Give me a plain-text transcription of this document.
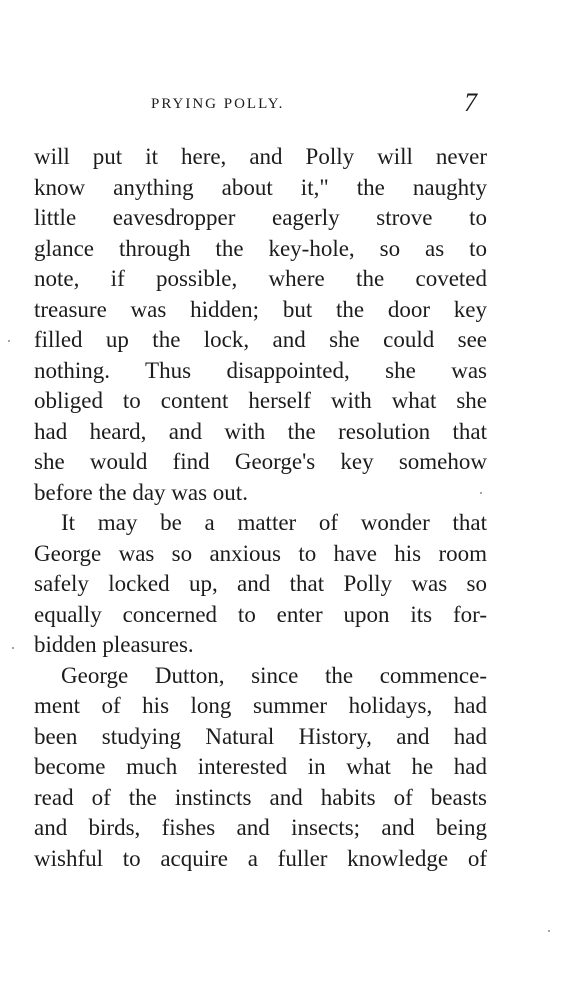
PRYING POLLY.	7
will put it here, and Polly will never
know anything about it," the naughty
little eavesdropper eagerly strove to
glance through the key-hole, so as to
note, if possible, where the coveted
treasure was hidden; but the door key
filled up the lock, and she could see
nothing. Thus disappointed, she was
obliged to content herself with what she
had heard, and with the resolution that
she would find George's key somehow
before the day was out.
It may be a matter of wonder that
George was so anxious to have his room
safely locked up, and that Polly was so
equally concerned to enter upon its for-
bidden pleasures.
George Dutton, since the commence-
ment of his long summer holidays, had
been studying Natural History, and had
become much interested in what he had
read of the instincts and habits of beasts
and birds, fishes and insects; and being
wishful to acquire a fuller knowledge of
